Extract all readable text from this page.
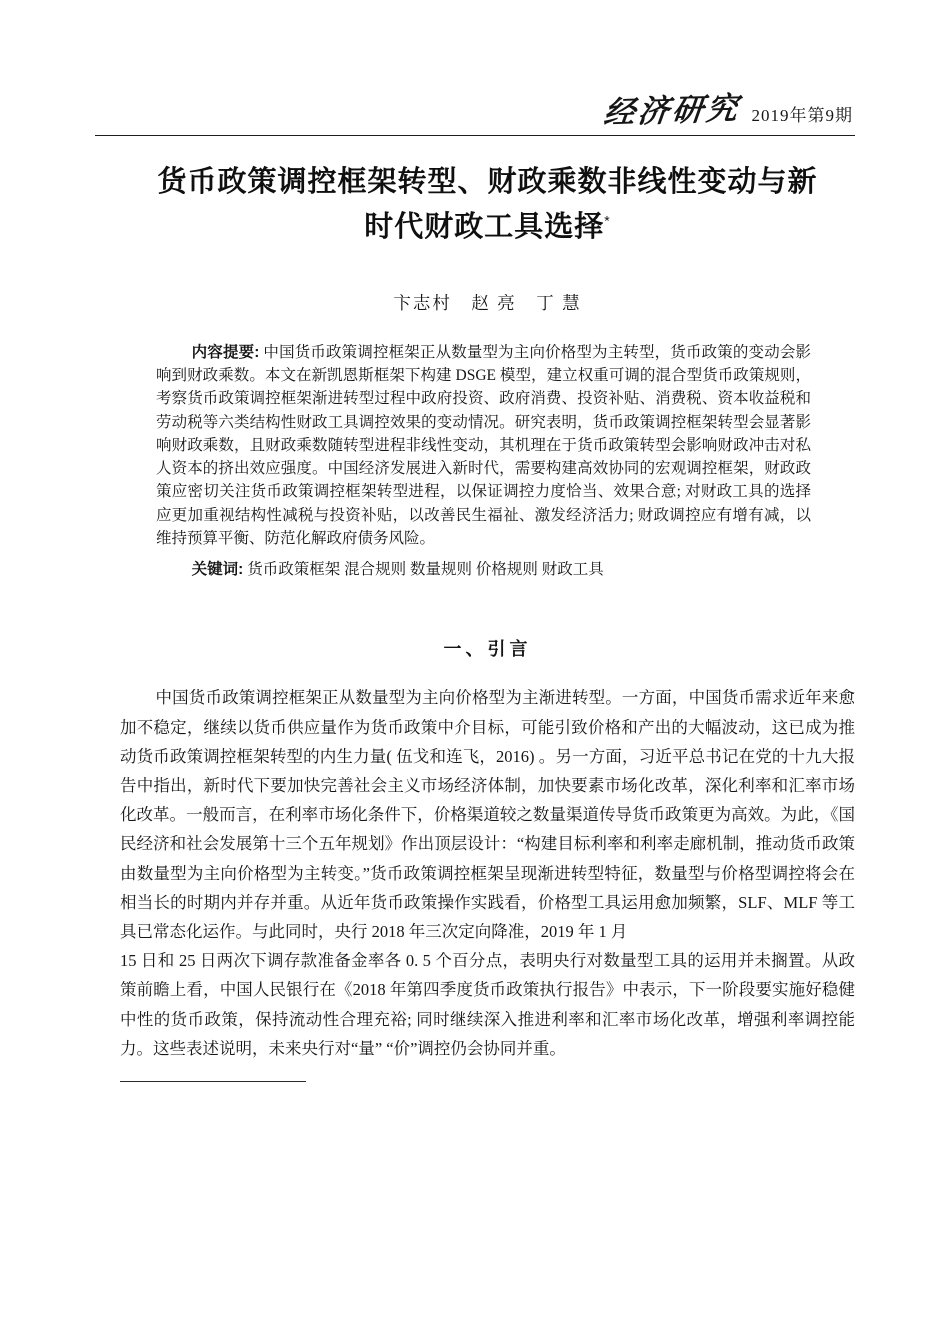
经济研究 2019年第9期
货币政策调控框架转型、财政乘数非线性变动与新
时代财政工具选择*
卞志村　赵 亮　丁 慧

内容提要: 中国货币政策调控框架正从数量型为主向价格型为主转型，货币政策的变动会影响到财政乘数。本文在新凯恩斯框架下构建 DSGE 模型，建立权重可调的混合型货币政策规则，考察货币政策调控框架渐进转型过程中政府投资、政府消费、投资补贴、消费税、资本收益税和劳动税等六类结构性财政工具调控效果的变动情况。研究表明，货币政策调控框架转型会显著影响财政乘数，且财政乘数随转型进程非线性变动，其机理在于货币政策转型会影响财政冲击对私人资本的挤出效应强度。中国经济发展进入新时代，需要构建高效协同的宏观调控框架，财政政策应密切关注货币政策调控框架转型进程，以保证调控力度恰当、效果合意; 对财政工具的选择应更加重视结构性减税与投资补贴，以改善民生福祉、激发经济活力; 财政调控应有增有减，以维持预算平衡、防范化解政府债务风险。

关键词: 货币政策框架 混合规则 数量规则 价格规则 财政工具
一、引言

中国货币政策调控框架正从数量型为主向价格型为主渐进转型。一方面，中国货币需求近年来愈加不稳定，继续以货币供应量作为货币政策中介目标，可能引致价格和产出的大幅波动，这已成为推动货币政策调控框架转型的内生力量( 伍戈和连飞，2016) 。另一方面，习近平总书记在党的十九大报告中指出，新时代下要加快完善社会主义市场经济体制，加快要素市场化改革，深化利率和汇率市场化改革。一般而言，在利率市场化条件下，价格渠道较之数量渠道传导货币政策更为高效。为此，《国民经济和社会发展第十三个五年规划》作出顶层设计：“构建目标利率和利率走廊机制，推动货币政策由数量型为主向价格型为主转变。”货币政策调控框架呈现渐进转型特征，数量型与价格型调控将会在相当长的时期内并存并重。从近年货币政策操作实践看，价格型工具运用愈加频繁，SLF、MLF 等工具已常态化运作。与此同时，央行 2018 年三次定向降准，2019 年 1 月

15 日和 25 日两次下调存款准备金率各 0. 5 个百分点，表明央行对数量型工具的运用并未搁置。从政策前瞻上看，中国人民银行在《2018 年第四季度货币政策执行报告》中表示，下一阶段要实施好稳健中性的货币政策，保持流动性合理充裕; 同时继续深入推进利率和汇率市场化改革，增强利率调控能力。这些表述说明，未来央行对“量” “价”调控仍会协同并重。
